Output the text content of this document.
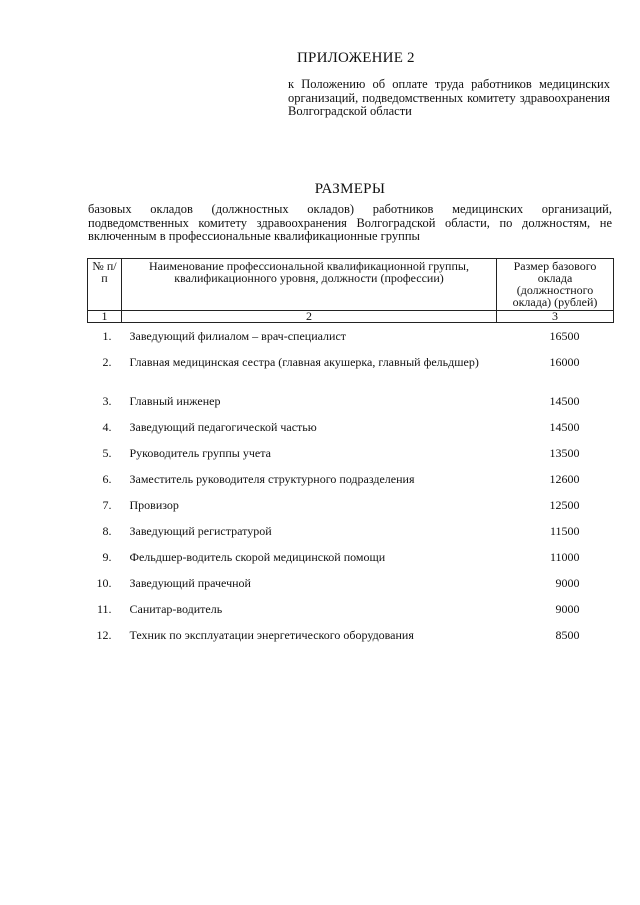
ПРИЛОЖЕНИЕ 2
к Положению об оплате труда работников медицинских организаций, подведомственных комитету здравоохранения Волгоградской области
РАЗМЕРЫ
базовых окладов (должностных окладов) работников медицинских организаций, подведомственных комитету здравоохранения Волгоградской области, по должностям, не включенным в профессиональные квалификационные группы
№ п/п	Наименование профессиональной квалификационной группы, квалификационного уровня, должности (профессии)	Размер базового оклада (должностного оклада) (рублей)
1	2	3
1.	Заведующий филиалом – врач-специалист	16500
2.	Главная медицинская сестра (главная акушерка, главный фельдшер)	16000
3.	Главный инженер	14500
4.	Заведующий педагогической частью	14500
5.	Руководитель группы учета	13500
6.	Заместитель руководителя структурного подразделения	12600
7.	Провизор	12500
8.	Заведующий регистратурой	11500
9.	Фельдшер-водитель скорой медицинской помощи	11000
10.	Заведующий прачечной	9000
11.	Санитар-водитель	9000
12.	Техник по эксплуатации энергетического оборудования	8500
